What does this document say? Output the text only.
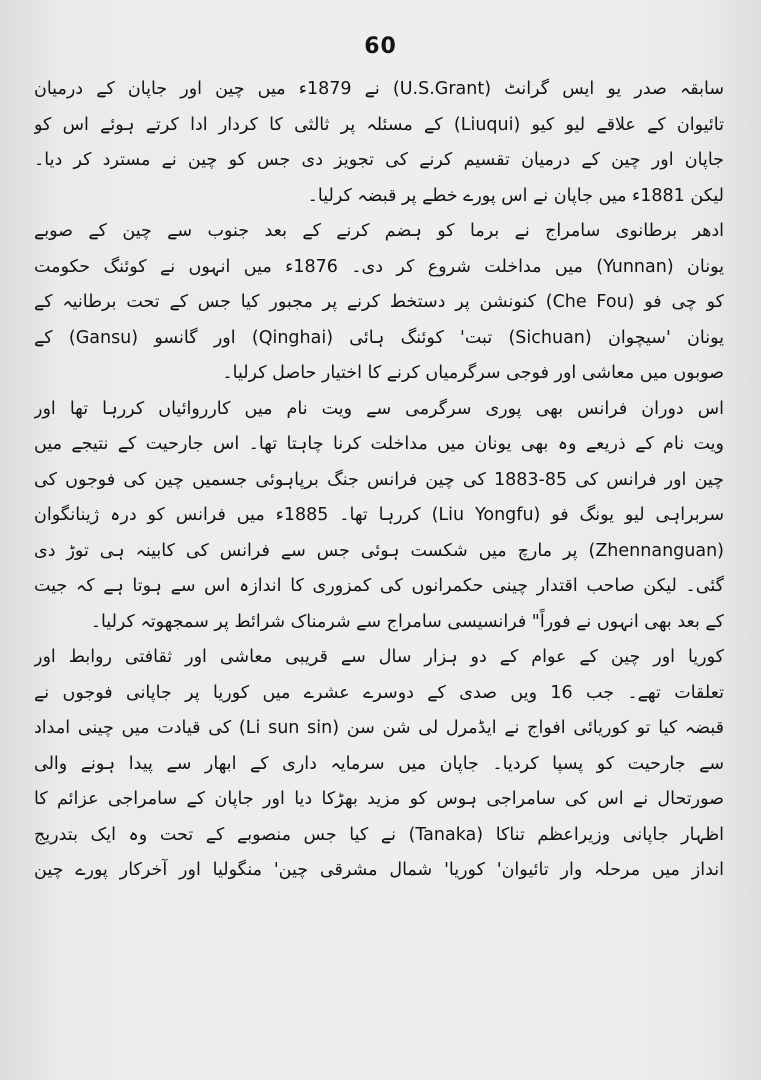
60
سابقہ صدر یو ایس گرانٹ (U.S.Grant) نے 1879ء میں چین اور جاپان کے درمیان
تائیوان کے علاقے لیو کیو (Liuqui) کے مسئلہ پر ثالثی کا کردار ادا کرتے ہوئے اس کو
جاپان اور چین کے درمیان تقسیم کرنے کی تجویز دی جس کو چین نے مسترد کر دیا۔
لیکن 1881ء میں جاپان نے اس پورے خطے پر قبضہ کرلیا۔
ادھر برطانوی سامراج نے برما کو ہضم کرنے کے بعد جنوب سے چین کے صوبے
یونان (Yunnan) میں مداخلت شروع کر دی۔ 1876ء میں انہوں نے کوئنگ حکومت
کو چی فو (Che Fou) کنونشن پر دستخط کرنے پر مجبور کیا جس کے تحت برطانیہ کے
یونان 'سیچوان (Sichuan) تبت' کوئنگ ہائی (Qinghai) اور گانسو (Gansu) کے
صوبوں میں معاشی اور فوجی سرگرمیاں کرنے کا اختیار حاصل کرلیا۔
اس دوران فرانس بھی پوری سرگرمی سے ویت نام میں کارروائیاں کررہا تھا اور
ویت نام کے ذریعے وہ بھی یونان میں مداخلت کرنا چاہتا تھا۔ اس جارحیت کے نتیجے میں
چین اور فرانس کی 85-1883 کی چین فرانس جنگ برپاہوئی جسمیں چین کی فوجوں کی
سربراہی لیو یونگ فو (Liu Yongfu) کررہا تھا۔ 1885ء میں فرانس کو درہ ژینانگوان
(Zhennanguan) پر مارچ میں شکست ہوئی جس سے فرانس کی کابینہ ہی توڑ دی
گئی۔ لیکن صاحب اقتدار چینی حکمرانوں کی کمزوری کا اندازہ اس سے ہوتا ہے کہ جیت
کے بعد بھی انہوں نے فوراً" فرانسیسی سامراج سے شرمناک شرائط پر سمجھوتہ کرلیا۔
کوریا اور چین کے عوام کے دو ہزار سال سے قریبی معاشی اور ثقافتی روابط اور
تعلقات تھے۔ جب 16 ویں صدی کے دوسرے عشرے میں کوریا پر جاپانی فوجوں نے
قبضہ کیا تو کوریائی افواج نے ایڈمرل لی شن سن (Li sun sin) کی قیادت میں چینی امداد
سے جارحیت کو پسپا کردیا۔ جاپان میں سرمایہ داری کے ابھار سے پیدا ہونے والی
صورتحال نے اس کی سامراجی ہوس کو مزید بھڑکا دیا اور جاپان کے سامراجی عزائم کا
اظہار جاپانی وزیراعظم تناکا (Tanaka) نے کیا جس منصوبے کے تحت وہ ایک بتدریج
انداز میں مرحلہ وار تائیوان' کوریا' شمال مشرقی چین' منگولیا اور آخرکار پورے چین
